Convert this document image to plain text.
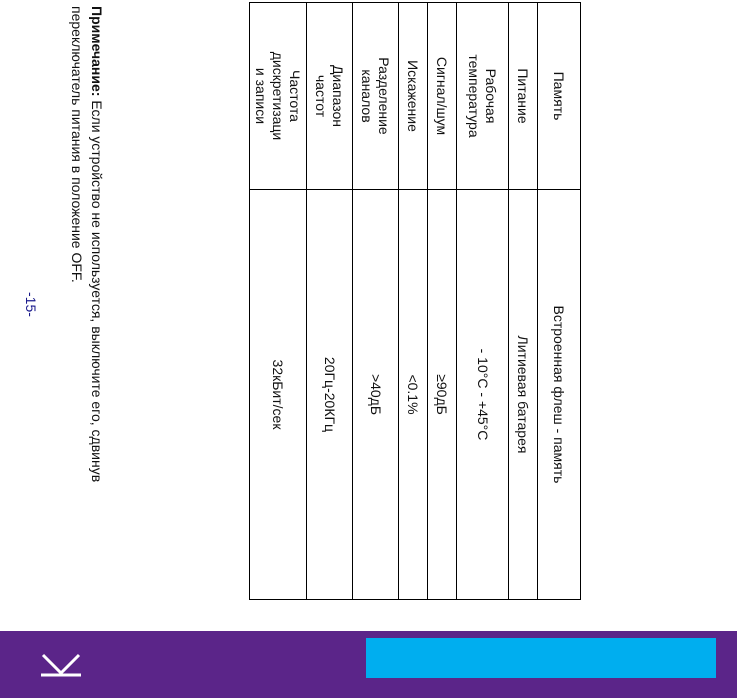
Память	Встроенная флеш - память
Питание	Литиевая батарея
Рабочая
температура	- 10°C - +45°C
Сигнал/шум	≥90дБ
Искажение	<0.1%
Разделение
каналов	>40дБ
Диапазон
частот	20Гц-20КГц
Частота
дискретизаци
и записи	32кБит/сек
Примечание: Если устройство не используется, выключите его, сдвинув переключатель питания в положение OFF.
-15-
